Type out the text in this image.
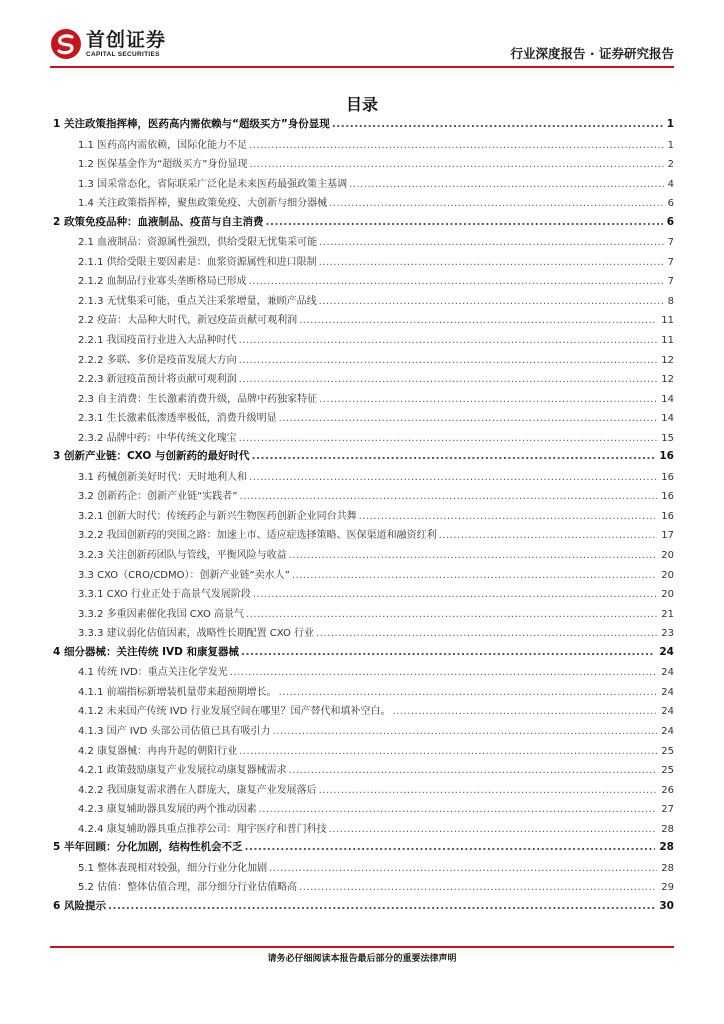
首创证券
CAPITAL SECURITIES	行业深度报告 · 证券研究报告
目录
1 关注政策指挥棒，医药高内需依赖与“超级买方”身份显现 .....	1
1.1 医药高内需依赖，国际化能力不足 .....	1
1.2 医保基金作为“超级买方”身份显现 .....	2
1.3 国采常态化，省际联采广泛化是未来医药最强政策主基调 .....	4
1.4 关注政策指挥棒，聚焦政策免疫、大创新与细分器械 .....	6
2 政策免疫品种：血液制品、疫苗与自主消费 .....	6
2.1 血液制品：资源属性强烈，供给受限无忧集采可能 .....	7
2.1.1 供给受限主要因素是：血浆资源属性和进口限制 .....	7
2.1.2 血制品行业寡头垄断格局已形成 .....	7
2.1.3 无忧集采可能，重点关注采浆增量，兼顾产品线 .....	8
2.2 疫苗：大品种大时代，新冠疫苗贡献可观利润 .....	11
2.2.1 我国疫苗行业进入大品种时代 .....	11
2.2.2 多联、多价是疫苗发展大方向 .....	12
2.2.3 新冠疫苗预计将贡献可观利润 .....	12
2.3 自主消费：生长激素消费升级，品牌中药独家特征 .....	14
2.3.1 生长激素低渗透率极低，消费升级明显 .....	14
2.3.2 品牌中药：中华传统文化瑰宝 .....	15
3 创新产业链：CXO 与创新药的最好时代 .....	16
3.1 药械创新美好时代：天时地利人和 .....	16
3.2 创新药企：创新产业链“实践者” .....	16
3.2.1 创新大时代：传统药企与新兴生物医药创新企业同台共舞 .....	16
3.2.2 我国创新药的突围之路：加速上市、适应症选择策略、医保渠道和融资红利 .....	17
3.2.3 关注创新药团队与管线，平衡风险与收益 .....	20
3.3 CXO（CRO/CDMO）：创新产业链“卖水人” .....	20
3.3.1 CXO 行业正处于高景气发展阶段 .....	20
3.3.2 多重因素催化我国 CXO 高景气 .....	21
3.3.3 建议弱化估值因素，战略性长期配置 CXO 行业 .....	23
4 细分器械：关注传统 IVD 和康复器械 .....	24
4.1 传统 IVD：重点关注化学发光 .....	24
4.1.1 前端指标新增装机量带来超预期增长。 .....	24
4.1.2 未来国产传统 IVD 行业发展空间在哪里？国产替代和填补空白。 .....	24
4.1.3 国产 IVD 头部公司估值已具有吸引力 .....	24
4.2 康复器械：冉冉升起的朝阳行业 .....	25
4.2.1 政策鼓励康复产业发展拉动康复器械需求 .....	25
4.2.2 我国康复需求潜在人群庞大，康复产业发展落后 .....	26
4.2.3 康复辅助器具发展的两个推动因素 .....	27
4.2.4 康复辅助器具重点推荐公司：翔宇医疗和普门科技 .....	28
5 半年回顾：分化加剧，结构性机会不乏 .....	28
5.1 整体表现相对较强，细分行业分化加剧 .....	28
5.2 估值：整体估值合理，部分细分行业估值略高 .....	29
6 风险提示 .....	30
请务必仔细阅读本报告最后部分的重要法律声明
